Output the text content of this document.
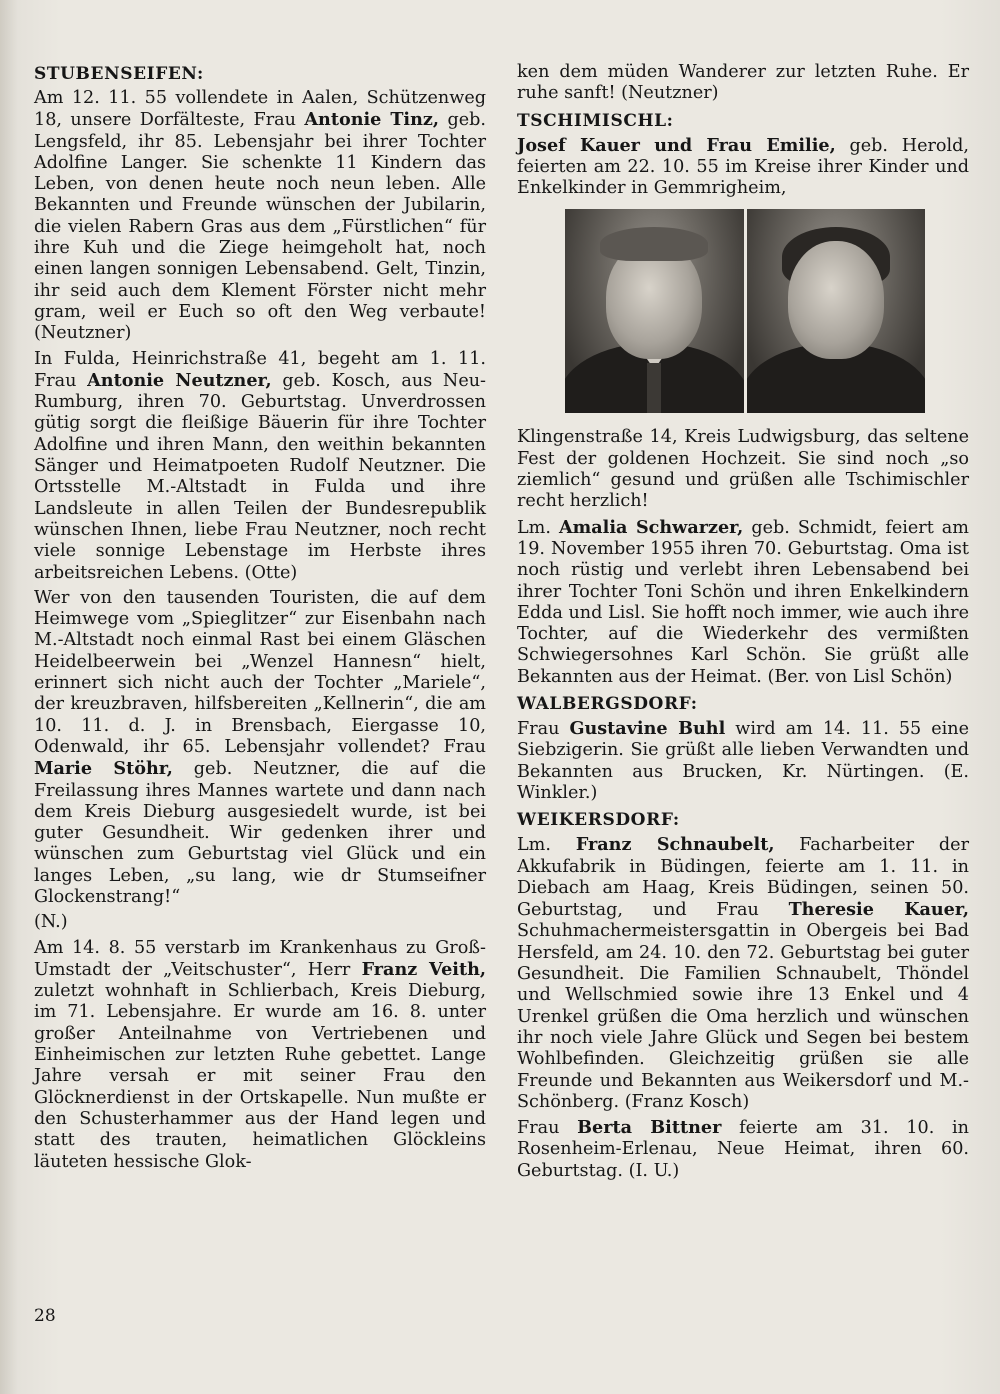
STUBENSEIFEN:

Am 12. 11. 55 vollendete in Aalen, Schützenweg 18, unsere Dorfälteste, Frau Antonie Tinz, geb. Lengsfeld, ihr 85. Lebensjahr bei ihrer Tochter Adolfine Langer. Sie schenkte 11 Kindern das Leben, von denen heute noch neun leben. Alle Bekannten und Freunde wünschen der Jubilarin, die vielen Rabern Gras aus dem „Fürstlichen“ für ihre Kuh und die Ziege heimgeholt hat, noch einen langen sonnigen Lebensabend. Gelt, Tinzin, ihr seid auch dem Klement Förster nicht mehr gram, weil er Euch so oft den Weg verbaute! (Neutzner)

In Fulda, Heinrichstraße 41, begeht am 1. 11. Frau Antonie Neutzner, geb. Kosch, aus Neu-Rumburg, ihren 70. Geburtstag. Unverdrossen gütig sorgt die fleißige Bäuerin für ihre Tochter Adolfine und ihren Mann, den weithin bekannten Sänger und Heimatpoeten Rudolf Neutzner. Die Ortsstelle M.-Altstadt in Fulda und ihre Landsleute in allen Teilen der Bundesrepublik wünschen Ihnen, liebe Frau Neutzner, noch recht viele sonnige Lebenstage im Herbste ihres arbeitsreichen Lebens. (Otte)

Wer von den tausenden Touristen, die auf dem Heimwege vom „Spieglitzer“ zur Eisenbahn nach M.-Altstadt noch einmal Rast bei einem Gläschen Heidelbeerwein bei „Wenzel Hannesn“ hielt, erinnert sich nicht auch der Tochter „Mariele“, der kreuzbraven, hilfsbereiten „Kellnerin“, die am 10. 11. d. J. in Brensbach, Eiergasse 10, Odenwald, ihr 65. Lebensjahr vollendet? Frau Marie Stöhr, geb. Neutzner, die auf die Freilassung ihres Mannes wartete und dann nach dem Kreis Dieburg ausgesiedelt wurde, ist bei guter Gesundheit. Wir gedenken ihrer und wünschen zum Geburtstag viel Glück und ein langes Leben, „su lang, wie dr Stumseifner Glockenstrang!“

(N.)

Am 14. 8. 55 verstarb im Krankenhaus zu Groß-Umstadt der „Veitschuster“, Herr Franz Veith, zuletzt wohnhaft in Schlierbach, Kreis Dieburg, im 71. Lebensjahre. Er wurde am 16. 8. unter großer Anteilnahme von Vertriebenen und Einheimischen zur letzten Ruhe gebettet. Lange Jahre versah er mit seiner Frau den Glöcknerdienst in der Ortskapelle. Nun mußte er den Schusterhammer aus der Hand legen und statt des trauten, heimatlichen Glöckleins läuteten hessische Glok-

ken dem müden Wanderer zur letzten Ruhe. Er ruhe sanft! (Neutzner)

TSCHIMISCHL:

Josef Kauer und Frau Emilie, geb. Herold, feierten am 22. 10. 55 im Kreise ihrer Kinder und Enkelkinder in Gemmrigheim,

Klingenstraße 14, Kreis Ludwigsburg, das seltene Fest der goldenen Hochzeit. Sie sind noch „so ziemlich“ gesund und grüßen alle Tschimischler recht herzlich!

Lm. Amalia Schwarzer, geb. Schmidt, feiert am 19. November 1955 ihren 70. Geburtstag. Oma ist noch rüstig und verlebt ihren Lebensabend bei ihrer Tochter Toni Schön und ihren Enkelkindern Edda und Lisl. Sie hofft noch immer, wie auch ihre Tochter, auf die Wiederkehr des vermißten Schwiegersohnes Karl Schön. Sie grüßt alle Bekannten aus der Heimat. (Ber. von Lisl Schön)

WALBERGSDORF:

Frau Gustavine Buhl wird am 14. 11. 55 eine Siebzigerin. Sie grüßt alle lieben Verwandten und Bekannten aus Brucken, Kr. Nürtingen. (E. Winkler.)

WEIKERSDORF:

Lm. Franz Schnaubelt, Facharbeiter der Akkufabrik in Büdingen, feierte am 1. 11. in Diebach am Haag, Kreis Büdingen, seinen 50. Geburtstag, und Frau Theresie Kauer, Schuhmachermeistersgattin in Obergeis bei Bad Hersfeld, am 24. 10. den 72. Geburtstag bei guter Gesundheit. Die Familien Schnaubelt, Thöndel und Wellschmied sowie ihre 13 Enkel und 4 Urenkel grüßen die Oma herzlich und wünschen ihr noch viele Jahre Glück und Segen bei bestem Wohlbefinden. Gleichzeitig grüßen sie alle Freunde und Bekannten aus Weikersdorf und M.-Schönberg. (Franz Kosch)

Frau Berta Bittner feierte am 31. 10. in Rosenheim-Erlenau, Neue Heimat, ihren 60. Geburtstag. (I. U.)

28
